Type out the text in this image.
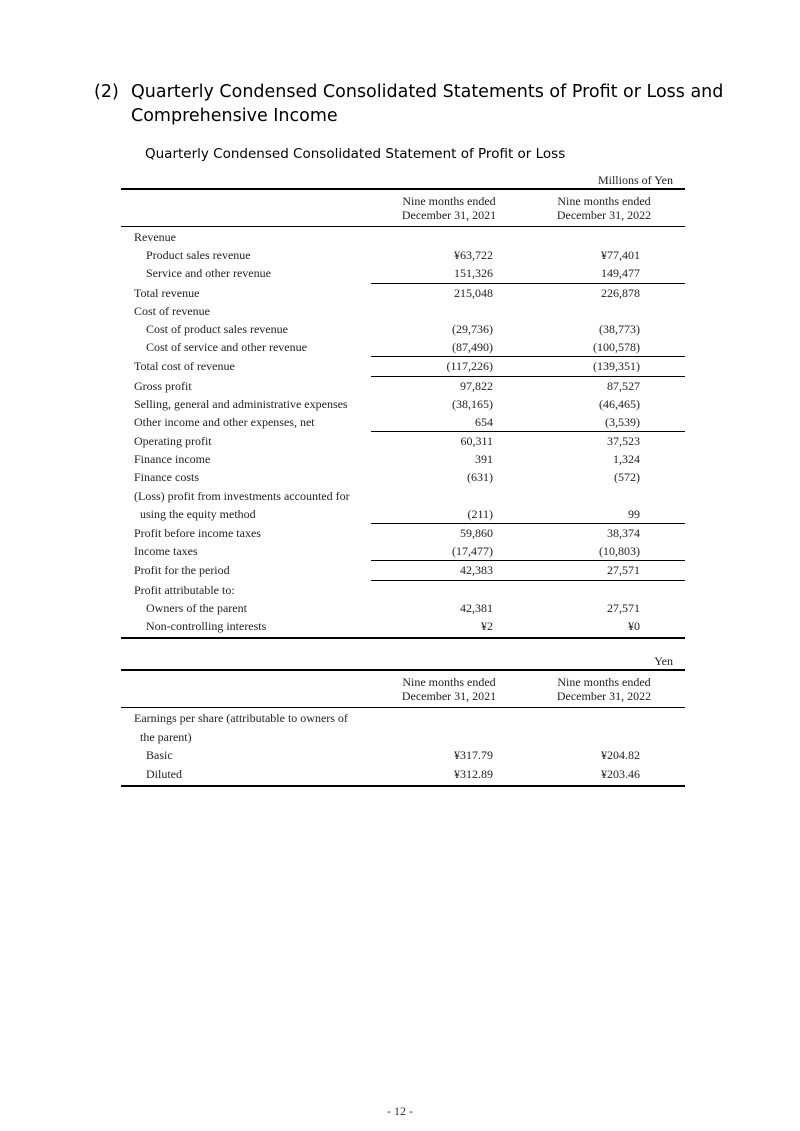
(2) Quarterly Condensed Consolidated Statements of Profit or Loss and Comprehensive Income
Quarterly Condensed Consolidated Statement of Profit or Loss
Millions of Yen
Nine months ended
December 31, 2021
Nine months ended
December 31, 2022
Revenue
Product sales revenue	¥63,722	¥77,401
Service and other revenue	151,326	149,477
Total revenue	215,048	226,878
Cost of revenue
Cost of product sales revenue	(29,736)	(38,773)
Cost of service and other revenue	(87,490)	(100,578)
Total cost of revenue	(117,226)	(139,351)
Gross profit	97,822	87,527
Selling, general and administrative expenses	(38,165)	(46,465)
Other income and other expenses, net	654	(3,539)
Operating profit	60,311	37,523
Finance income	391	1,324
Finance costs	(631)	(572)
(Loss) profit from investments accounted for
using the equity method	(211)	99
Profit before income taxes	59,860	38,374
Income taxes	(17,477)	(10,803)
Profit for the period	42,383	27,571
Profit attributable to:
Owners of the parent	42,381	27,571
Non-controlling interests	¥2	¥0
Yen
Nine months ended
December 31, 2021
Nine months ended
December 31, 2022
Earnings per share (attributable to owners of
the parent)
Basic	¥317.79	¥204.82
Diluted	¥312.89	¥203.46
- 12 -
